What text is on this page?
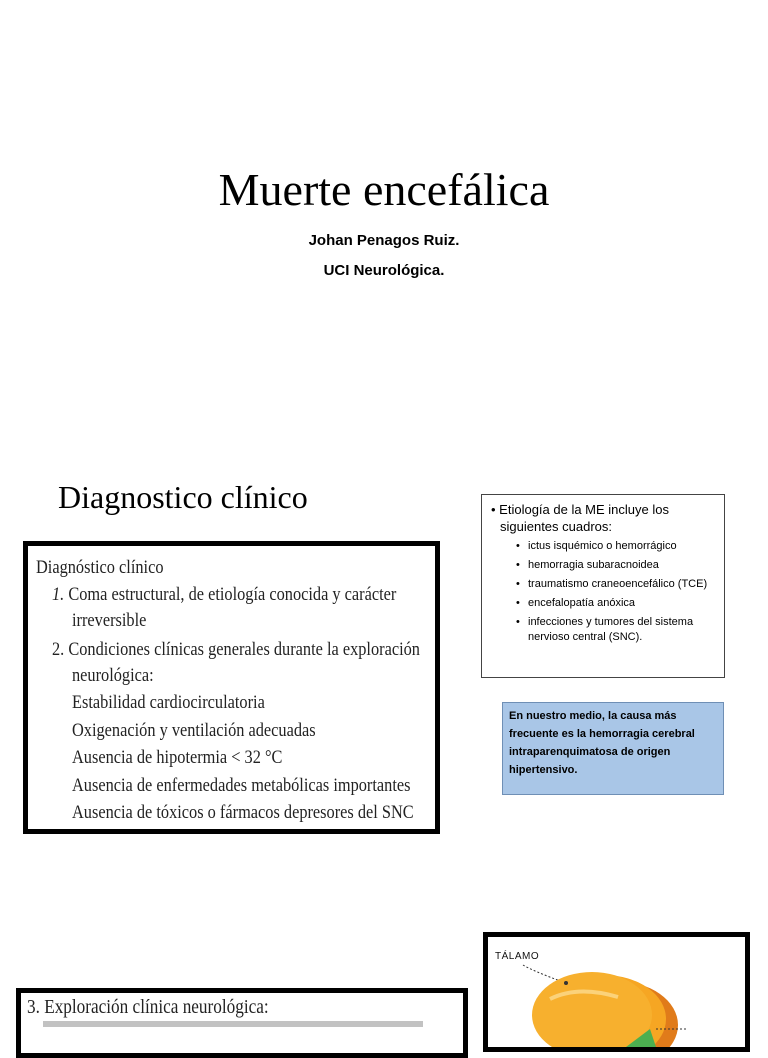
Muerte encefálica
Johan Penagos Ruiz.
UCI Neurológica.
Diagnostico clínico
Diagnóstico clínico
1. Coma estructural, de etiología conocida y carácter
irreversible
2. Condiciones clínicas generales durante la exploración
neurológica:
Estabilidad cardiocirculatoria
Oxigenación y ventilación adecuadas
Ausencia de hipotermia < 32 °C
Ausencia de enfermedades metabólicas importantes
Ausencia de tóxicos o fármacos depresores del SNC
• Etiología de la ME incluye los siguientes cuadros:
• ictus isquémico o hemorrágico
• hemorragia subaracnoidea
• traumatismo craneoencefálico (TCE)
• encefalopatía anóxica
• infecciones y tumores del sistema nervioso central (SNC).
En nuestro medio, la causa más frecuente es la hemorragia cerebral intraparenquimatosa de origen hipertensivo.
TÁLAMO
3. Exploración clínica neurológica:
